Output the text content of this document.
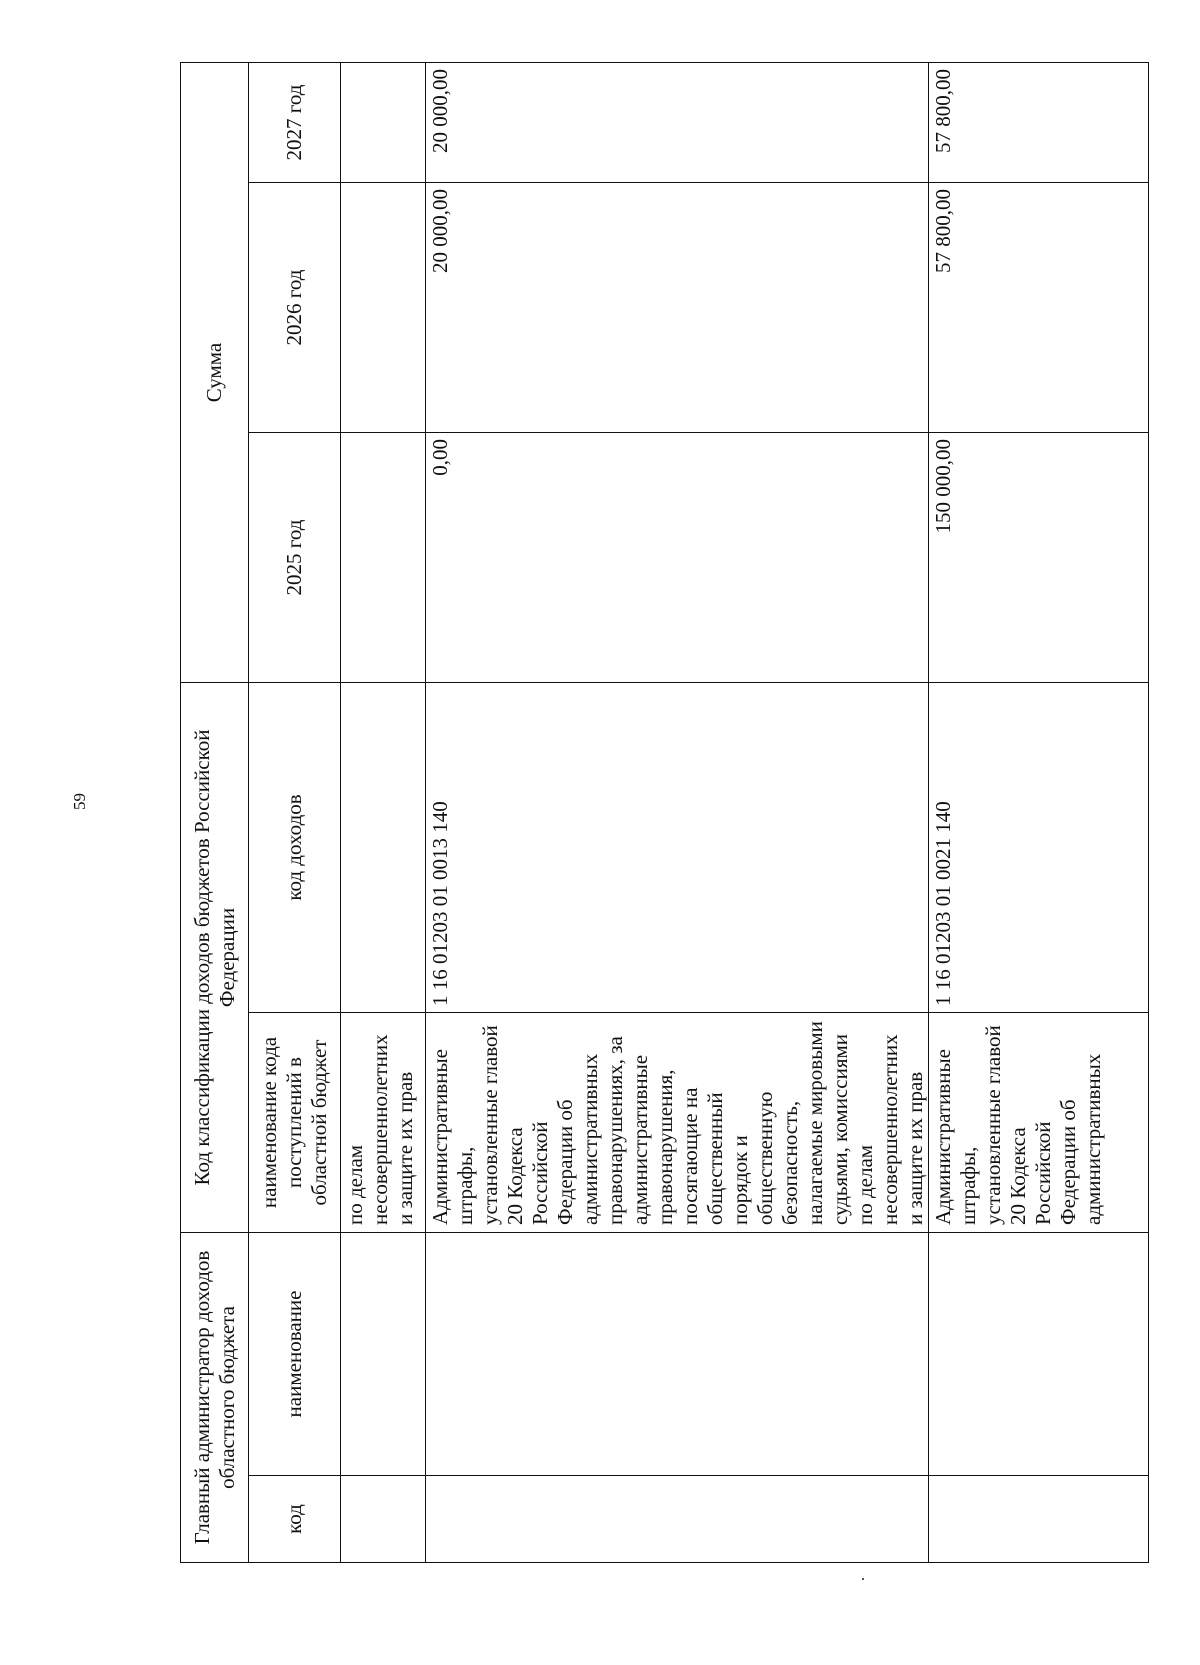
59
Главный администратор доходов областного бюджета		Код классификации доходов бюджетов Российской Федерации		Сумма		
код	наименование	наименование кода поступлений в областной бюджет	код доходов	2025 год	2026 год	2027 год
		по делам несовершеннолетних и защите их прав				
		Административные штрафы, установленные главой 20 Кодекса Российской Федерации об административных правонарушениях, за административные правонарушения, посягающие на общественный порядок и общественную безопасность, налагаемые мировыми судьями, комиссиями по делам несовершеннолетних и защите их прав	1 16 01203 01 0013 140	0,00	20 000,00	20 000,00
		Административные штрафы, установленные главой 20 Кодекса Российской Федерации об административных	1 16 01203 01 0021 140	150 000,00	57 800,00	57 800,00
